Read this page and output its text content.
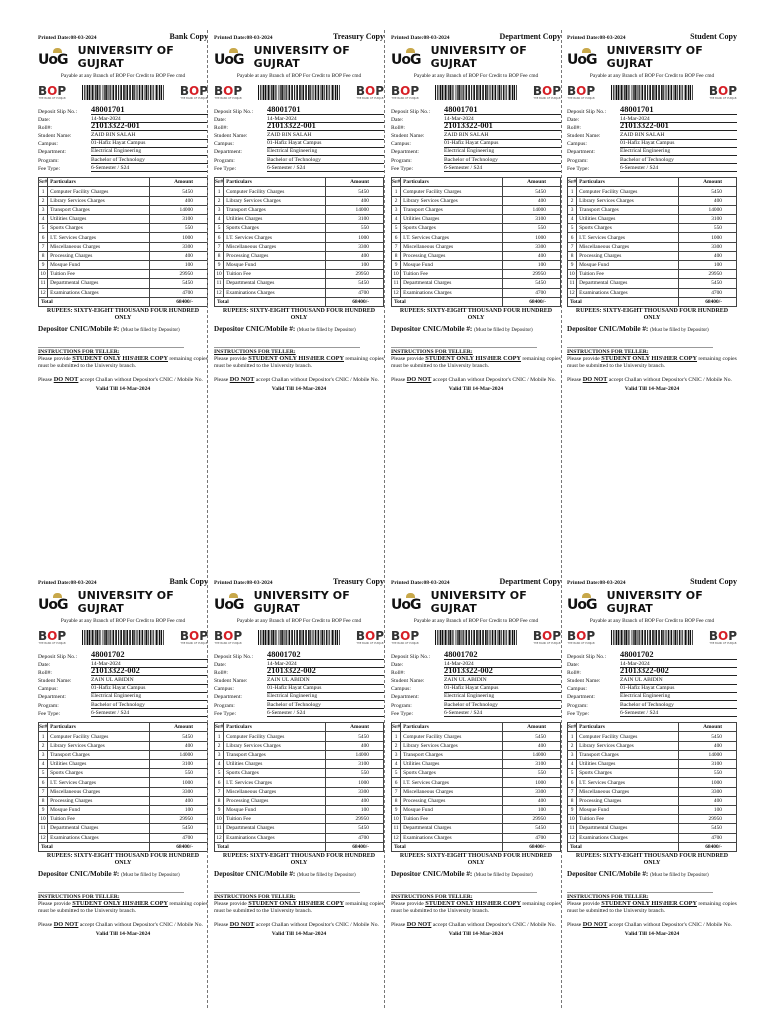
Printed Date:08-03-2024	Bank Copy
UoG
UNIVERSITY OF GUJRAT
Payable at any Branch of BOP For Credit to BOP Fee cmd
BOP
THE BANK OF PUNJAB
BOP
THE BANK OF PUNJAB
Deposit Slip No.:	48001701
Date:	14-Mar-2024
Roll#:	21013322-001
Student Name:	ZAID BIN SALAH
Campus:	01-Hafiz Hayat Campus
Department:	Electrical Engineering
Program:	Bachelor of Technology
Fee Type:	6-Semester / S24
Sr#	Particulars	Amount
1	Computer Facility Charges	5450
2	Library Services Charges	400
3	Transport Charges	14000
4	Utilities Charges	3100
5	Sports Charges	550
6	I.T. Services Charges	1000
7	Miscellaneous Charges	3300
8	Processing Charges	400
9	Mosque Fund	100
10	Tuition Fee	29950
11	Departmental Charges	5450
12	Examinations Charges	4700
Total		68400/-
RUPEES: SIXTY-EIGHT THOUSAND FOUR HUNDRED ONLY
Depositor CNIC/Mobile #: (Must be filled by Depositor)
INSTRUCTIONS FOR TELLER:

Please provide STUDENT ONLY HIS\HER COPY remaining copies must be submitted to the University branch.

Please DO NOT accept Challan without Depositor's CNIC / Mobile No.

Valid Till 14-Mar-2024
Printed Date:08-03-2024	Treasury Copy
UoG
UNIVERSITY OF GUJRAT
Payable at any Branch of BOP For Credit to BOP Fee cmd
BOP
THE BANK OF PUNJAB
BOP
THE BANK OF PUNJAB
Deposit Slip No.:	48001701
Date:	14-Mar-2024
Roll#:	21013322-001
Student Name:	ZAID BIN SALAH
Campus:	01-Hafiz Hayat Campus
Department:	Electrical Engineering
Program:	Bachelor of Technology
Fee Type:	6-Semester / S24
Sr#	Particulars	Amount
1	Computer Facility Charges	5450
2	Library Services Charges	400
3	Transport Charges	14000
4	Utilities Charges	3100
5	Sports Charges	550
6	I.T. Services Charges	1000
7	Miscellaneous Charges	3300
8	Processing Charges	400
9	Mosque Fund	100
10	Tuition Fee	29950
11	Departmental Charges	5450
12	Examinations Charges	4700
Total		68400/-
RUPEES: SIXTY-EIGHT THOUSAND FOUR HUNDRED ONLY
Depositor CNIC/Mobile #: (Must be filled by Depositor)
INSTRUCTIONS FOR TELLER:

Please provide STUDENT ONLY HIS\HER COPY remaining copies must be submitted to the University branch.

Please DO NOT accept Challan without Depositor's CNIC / Mobile No.

Valid Till 14-Mar-2024
Printed Date:08-03-2024	Department Copy
UoG
UNIVERSITY OF GUJRAT
Payable at any Branch of BOP For Credit to BOP Fee cmd
BOP
THE BANK OF PUNJAB
BOP
THE BANK OF PUNJAB
Deposit Slip No.:	48001701
Date:	14-Mar-2024
Roll#:	21013322-001
Student Name:	ZAID BIN SALAH
Campus:	01-Hafiz Hayat Campus
Department:	Electrical Engineering
Program:	Bachelor of Technology
Fee Type:	6-Semester / S24
Sr#	Particulars	Amount
1	Computer Facility Charges	5450
2	Library Services Charges	400
3	Transport Charges	14000
4	Utilities Charges	3100
5	Sports Charges	550
6	I.T. Services Charges	1000
7	Miscellaneous Charges	3300
8	Processing Charges	400
9	Mosque Fund	100
10	Tuition Fee	29950
11	Departmental Charges	5450
12	Examinations Charges	4700
Total		68400/-
RUPEES: SIXTY-EIGHT THOUSAND FOUR HUNDRED ONLY
Depositor CNIC/Mobile #: (Must be filled by Depositor)
INSTRUCTIONS FOR TELLER:

Please provide STUDENT ONLY HIS\HER COPY remaining copies must be submitted to the University branch.

Please DO NOT accept Challan without Depositor's CNIC / Mobile No.

Valid Till 14-Mar-2024
Printed Date:08-03-2024	Student Copy
UoG
UNIVERSITY OF GUJRAT
Payable at any Branch of BOP For Credit to BOP Fee cmd
BOP
THE BANK OF PUNJAB
BOP
THE BANK OF PUNJAB
Deposit Slip No.:	48001701
Date:	14-Mar-2024
Roll#:	21013322-001
Student Name:	ZAID BIN SALAH
Campus:	01-Hafiz Hayat Campus
Department:	Electrical Engineering
Program:	Bachelor of Technology
Fee Type:	6-Semester / S24
Sr#	Particulars	Amount
1	Computer Facility Charges	5450
2	Library Services Charges	400
3	Transport Charges	14000
4	Utilities Charges	3100
5	Sports Charges	550
6	I.T. Services Charges	1000
7	Miscellaneous Charges	3300
8	Processing Charges	400
9	Mosque Fund	100
10	Tuition Fee	29950
11	Departmental Charges	5450
12	Examinations Charges	4700
Total		68400/-
RUPEES: SIXTY-EIGHT THOUSAND FOUR HUNDRED ONLY
Depositor CNIC/Mobile #: (Must be filled by Depositor)
INSTRUCTIONS FOR TELLER:

Please provide STUDENT ONLY HIS\HER COPY remaining copies must be submitted to the University branch.

Please DO NOT accept Challan without Depositor's CNIC / Mobile No.

Valid Till 14-Mar-2024
Printed Date:08-03-2024	Bank Copy
UoG
UNIVERSITY OF GUJRAT
Payable at any Branch of BOP For Credit to BOP Fee cmd
BOP
THE BANK OF PUNJAB
BOP
THE BANK OF PUNJAB
Deposit Slip No.:	48001702
Date:	14-Mar-2024
Roll#:	21013322-002
Student Name:	ZAIN UL ABIDIN
Campus:	01-Hafiz Hayat Campus
Department:	Electrical Engineering
Program:	Bachelor of Technology
Fee Type:	6-Semester / S24
Sr#	Particulars	Amount
1	Computer Facility Charges	5450
2	Library Services Charges	400
3	Transport Charges	14000
4	Utilities Charges	3100
5	Sports Charges	550
6	I.T. Services Charges	1000
7	Miscellaneous Charges	3300
8	Processing Charges	400
9	Mosque Fund	100
10	Tuition Fee	29950
11	Departmental Charges	5450
12	Examinations Charges	4700
Total		68400/-
RUPEES: SIXTY-EIGHT THOUSAND FOUR HUNDRED ONLY
Depositor CNIC/Mobile #: (Must be filled by Depositor)
INSTRUCTIONS FOR TELLER:

Please provide STUDENT ONLY HIS\HER COPY remaining copies must be submitted to the University branch.

Please DO NOT accept Challan without Depositor's CNIC / Mobile No.

Valid Till 14-Mar-2024
Printed Date:08-03-2024	Treasury Copy
UoG
UNIVERSITY OF GUJRAT
Payable at any Branch of BOP For Credit to BOP Fee cmd
BOP
THE BANK OF PUNJAB
BOP
THE BANK OF PUNJAB
Deposit Slip No.:	48001702
Date:	14-Mar-2024
Roll#:	21013322-002
Student Name:	ZAIN UL ABIDIN
Campus:	01-Hafiz Hayat Campus
Department:	Electrical Engineering
Program:	Bachelor of Technology
Fee Type:	6-Semester / S24
Sr#	Particulars	Amount
1	Computer Facility Charges	5450
2	Library Services Charges	400
3	Transport Charges	14000
4	Utilities Charges	3100
5	Sports Charges	550
6	I.T. Services Charges	1000
7	Miscellaneous Charges	3300
8	Processing Charges	400
9	Mosque Fund	100
10	Tuition Fee	29950
11	Departmental Charges	5450
12	Examinations Charges	4700
Total		68400/-
RUPEES: SIXTY-EIGHT THOUSAND FOUR HUNDRED ONLY
Depositor CNIC/Mobile #: (Must be filled by Depositor)
INSTRUCTIONS FOR TELLER:

Please provide STUDENT ONLY HIS\HER COPY remaining copies must be submitted to the University branch.

Please DO NOT accept Challan without Depositor's CNIC / Mobile No.

Valid Till 14-Mar-2024
Printed Date:08-03-2024	Department Copy
UoG
UNIVERSITY OF GUJRAT
Payable at any Branch of BOP For Credit to BOP Fee cmd
BOP
THE BANK OF PUNJAB
BOP
THE BANK OF PUNJAB
Deposit Slip No.:	48001702
Date:	14-Mar-2024
Roll#:	21013322-002
Student Name:	ZAIN UL ABIDIN
Campus:	01-Hafiz Hayat Campus
Department:	Electrical Engineering
Program:	Bachelor of Technology
Fee Type:	6-Semester / S24
Sr#	Particulars	Amount
1	Computer Facility Charges	5450
2	Library Services Charges	400
3	Transport Charges	14000
4	Utilities Charges	3100
5	Sports Charges	550
6	I.T. Services Charges	1000
7	Miscellaneous Charges	3300
8	Processing Charges	400
9	Mosque Fund	100
10	Tuition Fee	29950
11	Departmental Charges	5450
12	Examinations Charges	4700
Total		68400/-
RUPEES: SIXTY-EIGHT THOUSAND FOUR HUNDRED ONLY
Depositor CNIC/Mobile #: (Must be filled by Depositor)
INSTRUCTIONS FOR TELLER:

Please provide STUDENT ONLY HIS\HER COPY remaining copies must be submitted to the University branch.

Please DO NOT accept Challan without Depositor's CNIC / Mobile No.

Valid Till 14-Mar-2024
Printed Date:08-03-2024	Student Copy
UoG
UNIVERSITY OF GUJRAT
Payable at any Branch of BOP For Credit to BOP Fee cmd
BOP
THE BANK OF PUNJAB
BOP
THE BANK OF PUNJAB
Deposit Slip No.:	48001702
Date:	14-Mar-2024
Roll#:	21013322-002
Student Name:	ZAIN UL ABIDIN
Campus:	01-Hafiz Hayat Campus
Department:	Electrical Engineering
Program:	Bachelor of Technology
Fee Type:	6-Semester / S24
Sr#	Particulars	Amount
1	Computer Facility Charges	5450
2	Library Services Charges	400
3	Transport Charges	14000
4	Utilities Charges	3100
5	Sports Charges	550
6	I.T. Services Charges	1000
7	Miscellaneous Charges	3300
8	Processing Charges	400
9	Mosque Fund	100
10	Tuition Fee	29950
11	Departmental Charges	5450
12	Examinations Charges	4700
Total		68400/-
RUPEES: SIXTY-EIGHT THOUSAND FOUR HUNDRED ONLY
Depositor CNIC/Mobile #: (Must be filled by Depositor)
INSTRUCTIONS FOR TELLER:

Please provide STUDENT ONLY HIS\HER COPY remaining copies must be submitted to the University branch.

Please DO NOT accept Challan without Depositor's CNIC / Mobile No.

Valid Till 14-Mar-2024
